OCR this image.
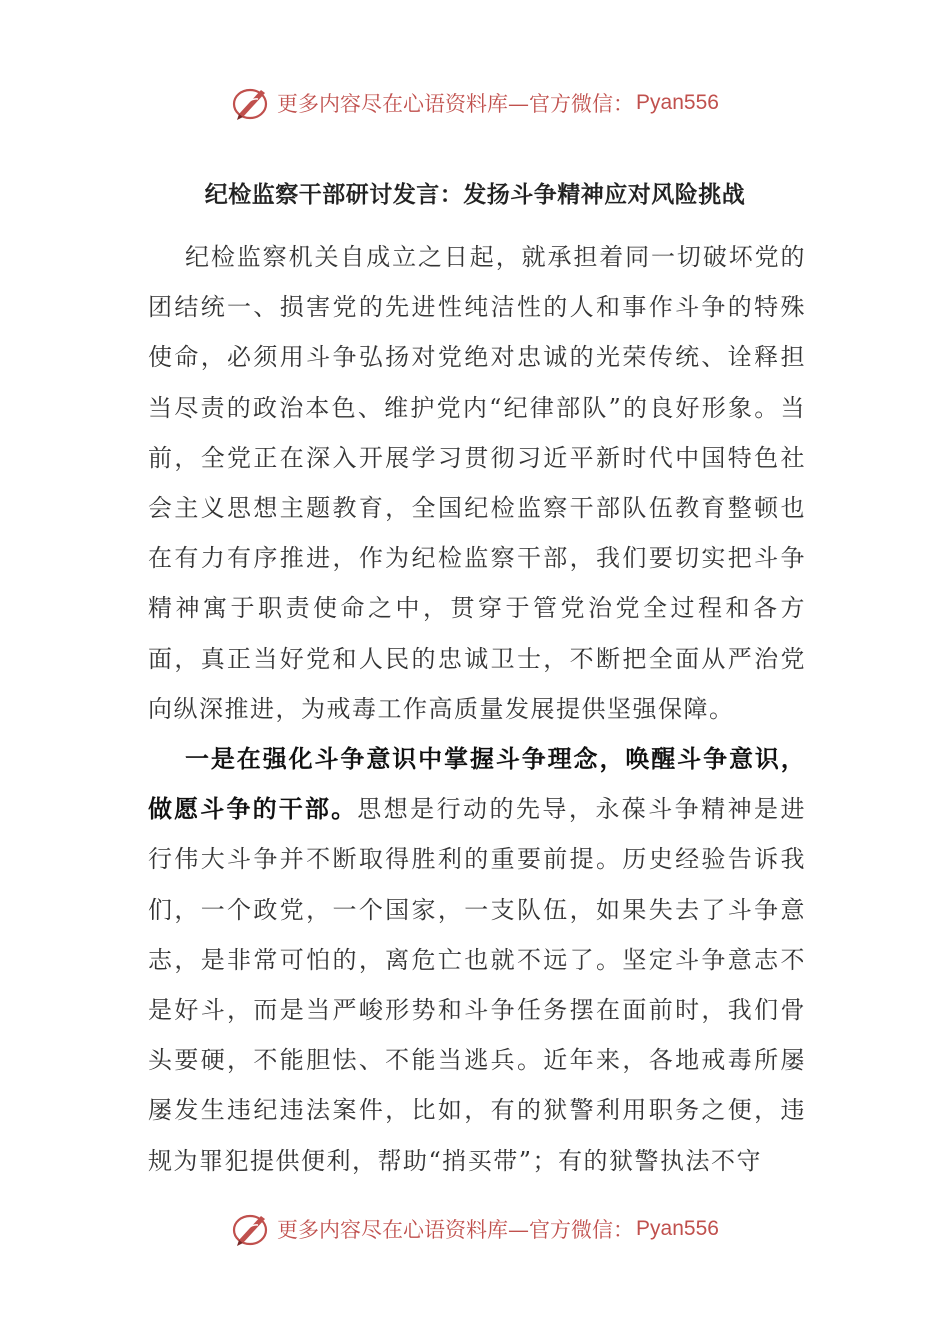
更多内容尽在心语资料库—官方微信： Pyan556
纪检监察干部研讨发言：发扬斗争精神应对风险挑战

纪检监察机关自成立之日起，就承担着同一切破坏党的团结统一、损害党的先进性纯洁性的人和事作斗争的特殊使命，必须用斗争弘扬对党绝对忠诚的光荣传统、诠释担当尽责的政治本色、维护党内“纪律部队”的良好形象。当前，全党正在深入开展学习贯彻习近平新时代中国特色社会主义思想主题教育，全国纪检监察干部队伍教育整顿也在有力有序推进，作为纪检监察干部，我们要切实把斗争精神寓于职责使命之中，贯穿于管党治党全过程和各方面，真正当好党和人民的忠诚卫士，不断把全面从严治党向纵深推进，为戒毒工作高质量发展提供坚强保障。

一是在强化斗争意识中掌握斗争理念，唤醒斗争意识，做愿斗争的干部。思想是行动的先导，永葆斗争精神是进行伟大斗争并不断取得胜利的重要前提。历史经验告诉我们，一个政党，一个国家，一支队伍，如果失去了斗争意志，是非常可怕的，离危亡也就不远了。坚定斗争意志不是好斗，而是当严峻形势和斗争任务摆在面前时，我们骨头要硬，不能胆怯、不能当逃兵。近年来，各地戒毒所屡屡发生违纪违法案件，比如，有的狱警利用职务之便，违规为罪犯提供便利，帮助“捎买带”；有的狱警执法不守

更多内容尽在心语资料库—官方微信： Pyan556
